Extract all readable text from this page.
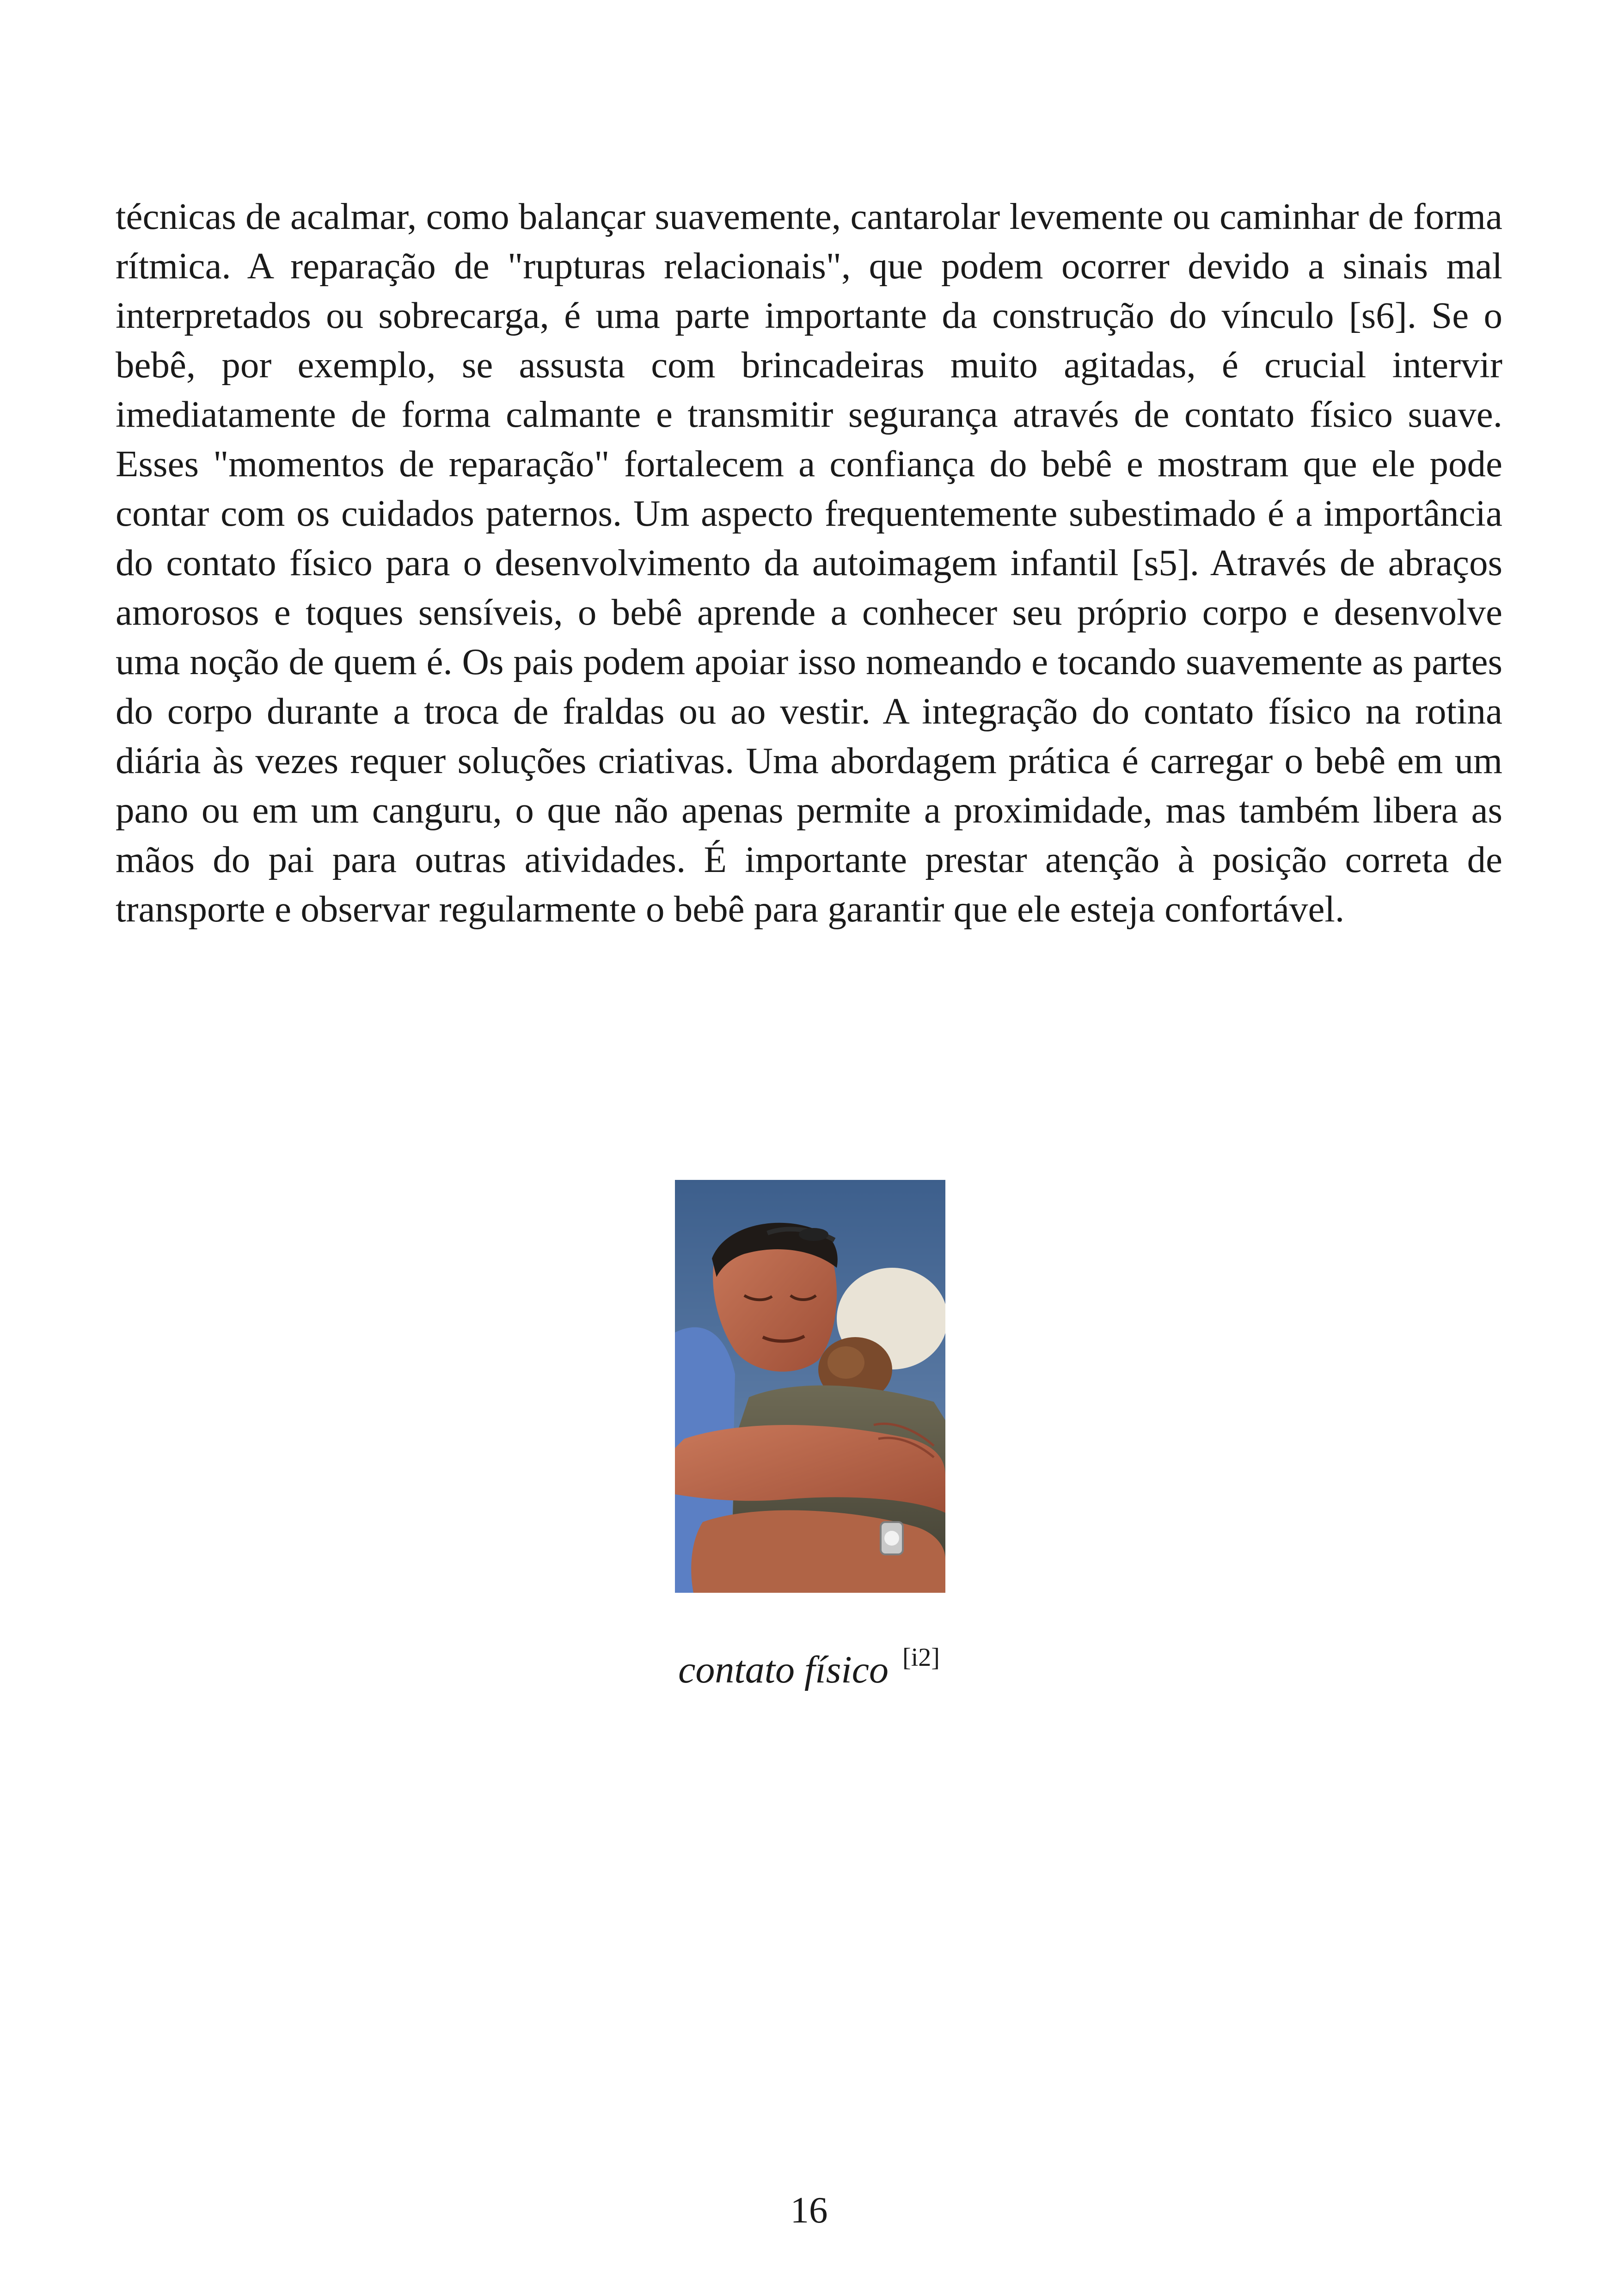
técnicas de acalmar, como balançar suavemente, cantarolar levemente ou caminhar de forma rítmica. A reparação de "rupturas relacionais", que podem ocorrer devido a sinais mal interpretados ou sobrecarga, é uma parte importante da construção do vínculo [s6]. Se o bebê, por exemplo, se assusta com brincadeiras muito agitadas, é crucial intervir imediatamente de forma calmante e transmitir segurança através de contato físico suave. Esses "momentos de reparação" fortalecem a confiança do bebê e mostram que ele pode contar com os cuidados paternos. Um aspecto frequentemente subestimado é a importância do contato físico para o desenvolvimento da autoimagem infantil [s5]. Através de abraços amorosos e toques sensíveis, o bebê aprende a conhecer seu próprio corpo e desenvolve uma noção de quem é. Os pais podem apoiar isso nomeando e tocando suavemente as partes do corpo durante a troca de fraldas ou ao vestir. A integração do contato físico na rotina diária às vezes requer soluções criativas. Uma abordagem prática é carregar o bebê em um pano ou em um canguru, o que não apenas permite a proximidade, mas também libera as mãos do pai para outras atividades. É importante prestar atenção à posição correta de transporte e observar regularmente o bebê para garantir que ele esteja confortável.

contato físico [i2]
16
